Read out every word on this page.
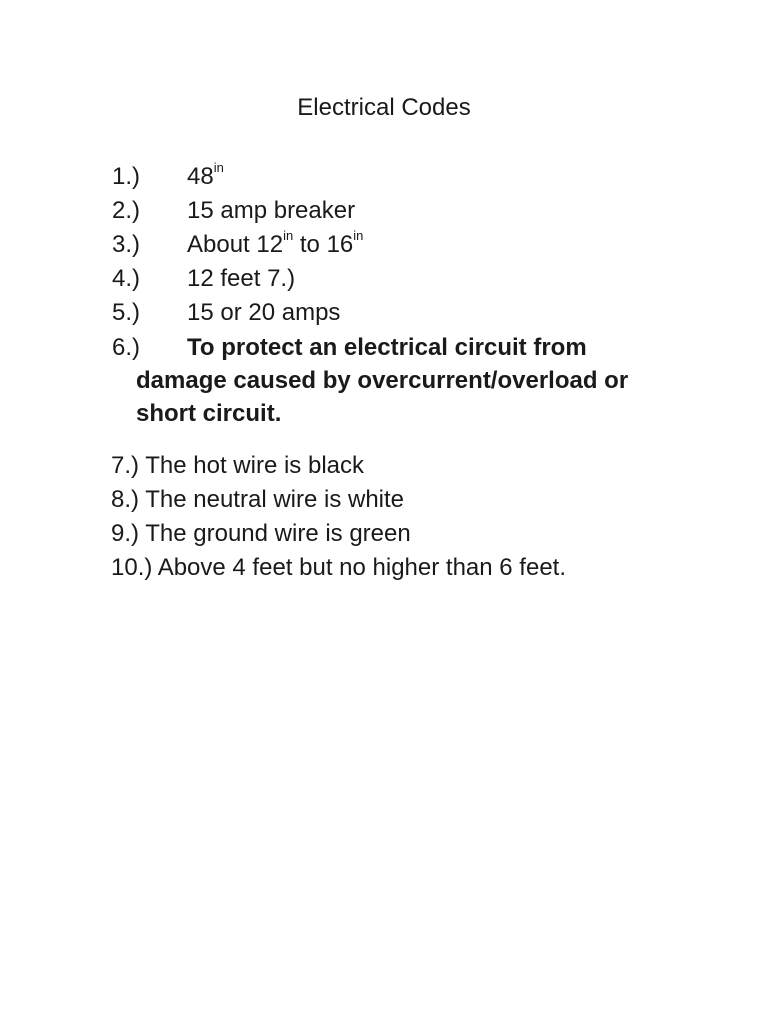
Electrical Codes
1.) $48^{in}$
2.) 15 amp breaker
3.) About $12^{in}$ to $16^{in}$
4.) 12 feet 7.)
5.) 15 or 20 amps
6.) To protect an electrical circuit from
damage caused by overcurrent/overload or
short circuit.
7.) The hot wire is black
8.) The neutral wire is white
9.) The ground wire is green
10.) Above 4 feet but no higher than 6 feet.
